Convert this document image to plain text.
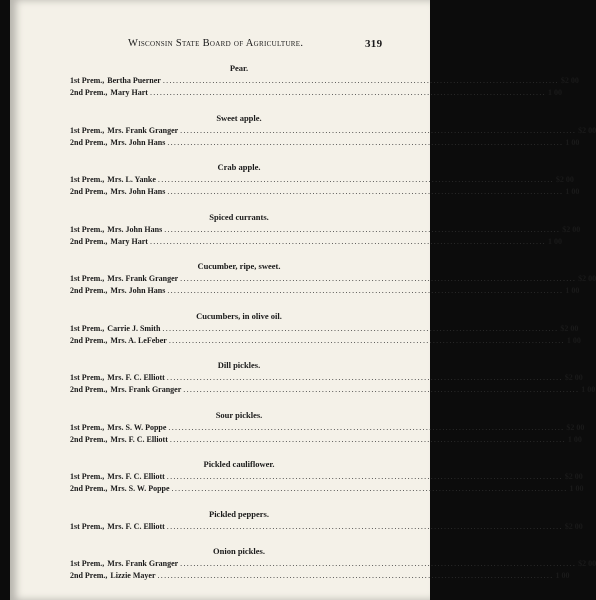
Wisconsin State Board of Agriculture.	319
Pear.
1st Prem., Bertha Puerner ........................................................................................................................ $2 00
2nd Prem., Mary Hart ........................................................................................................................ 1 00
Sweet apple.
1st Prem., Mrs. Frank Granger ........................................................................................................................ $2 00
2nd Prem., Mrs. John Hans ........................................................................................................................ 1 00
Crab apple.
1st Prem., Mrs. L. Yanke ........................................................................................................................ $2 00
2nd Prem., Mrs. John Hans ........................................................................................................................ 1 00
Spiced currants.
1st Prem., Mrs. John Hans ........................................................................................................................ $2 00
2nd Prem., Mary Hart ........................................................................................................................ 1 00
Cucumber, ripe, sweet.
1st Prem., Mrs. Frank Granger ........................................................................................................................ $2 00
2nd Prem., Mrs. John Hans ........................................................................................................................ 1 00
Cucumbers, in olive oil.
1st Prem., Carrie J. Smith ........................................................................................................................ $2 00
2nd Prem., Mrs. A. LeFeber ........................................................................................................................ 1 00
Dill pickles.
1st Prem., Mrs. F. C. Elliott ........................................................................................................................ $2 00
2nd Prem., Mrs. Frank Granger ........................................................................................................................ 1 00
Sour pickles.
1st Prem., Mrs. S. W. Poppe ........................................................................................................................ $2 00
2nd Prem., Mrs. F. C. Elliott ........................................................................................................................ 1 00
Pickled cauliflower.
1st Prem., Mrs. F. C. Elliott ........................................................................................................................ $2 00
2nd Prem., Mrs. S. W. Poppe ........................................................................................................................ 1 00
Pickled peppers.
1st Prem., Mrs. F. C. Elliott ........................................................................................................................ $2 00
Onion pickles.
1st Prem., Mrs. Frank Granger ........................................................................................................................ $2 00
2nd Prem., Lizzie Mayer ........................................................................................................................ 1 00
